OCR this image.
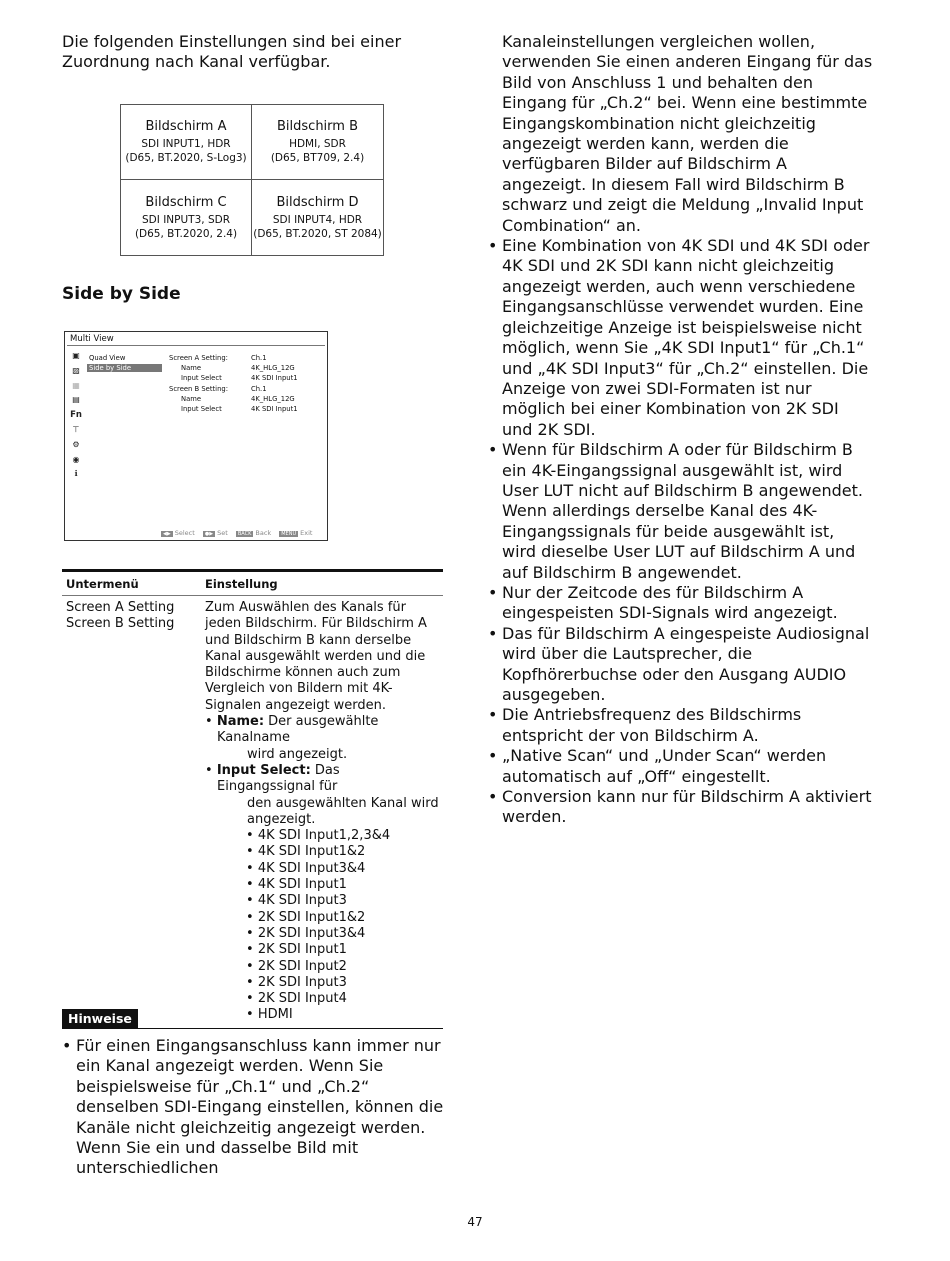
Die folgenden Einstellungen sind bei einer Zuordnung nach Kanal verfügbar.

Bildschirm A
SDI INPUT1, HDR
(D65, BT.2020, S-Log3)
Bildschirm B
HDMI, SDR
(D65, BT709, 2.4)
Bildschirm C
SDI INPUT3, SDR
(D65, BT.2020, 2.4)
Bildschirm D
SDI INPUT4, HDR
(D65, BT.2020, ST 2084)
Side by Side
Multi View
▣
▨
▦
▤
Fn
⊤
⚙
◉
ℹ
Quad View
Side by Side
Screen A Setting:	Ch.1
Name	4K_HLG_12G
Input Select	4K SDI Input1
Screen B Setting:	Ch.1
Name	4K_HLG_12G
Input Select	4K SDI Input1
◀▶ Select ●▶ Set BACK Back MENU Exit
Untermenü	Einstellung
Screen A Setting
Screen B Setting
Zum Auswählen des Kanals für jeden Bildschirm. Für Bildschirm A und Bildschirm B kann derselbe Kanal ausgewählt werden und die Bildschirme können auch zum Vergleich von Bildern mit 4K-Signalen angezeigt werden.
• Name: Der ausgewählte Kanalname
wird angezeigt.
• Input Select: Das Eingangssignal für
den ausgewählten Kanal wird
angezeigt.
• 4K SDI Input1,2,3&4
• 4K SDI Input1&2
• 4K SDI Input3&4
• 4K SDI Input1
• 4K SDI Input3
• 2K SDI Input1&2
• 2K SDI Input3&4
• 2K SDI Input1
• 2K SDI Input2
• 2K SDI Input3
• 2K SDI Input4
• HDMI
Hinweise

• Für einen Eingangsanschluss kann immer nur ein Kanal angezeigt werden. Wenn Sie beispielsweise für „Ch.1“ und „Ch.2“ denselben SDI-Eingang einstellen, können die Kanäle nicht gleichzeitig angezeigt werden. Wenn Sie ein und dasselbe Bild mit unterschiedlichen

Kanaleinstellungen vergleichen wollen, verwenden Sie einen anderen Eingang für das Bild von Anschluss 1 und behalten den Eingang für „Ch.2“ bei. Wenn eine bestimmte Eingangskombination nicht gleichzeitig angezeigt werden kann, werden die verfügbaren Bilder auf Bildschirm A angezeigt. In diesem Fall wird Bildschirm B schwarz und zeigt die Meldung „Invalid Input Combination“ an.

• Eine Kombination von 4K SDI und 4K SDI oder 4K SDI und 2K SDI kann nicht gleichzeitig angezeigt werden, auch wenn verschiedene Eingangsanschlüsse verwendet wurden. Eine gleichzeitige Anzeige ist beispielsweise nicht möglich, wenn Sie „4K SDI Input1“ für „Ch.1“ und „4K SDI Input3“ für „Ch.2“ einstellen. Die Anzeige von zwei SDI-Formaten ist nur möglich bei einer Kombination von 2K SDI und 2K SDI.

• Wenn für Bildschirm A oder für Bildschirm B ein 4K-Eingangssignal ausgewählt ist, wird User LUT nicht auf Bildschirm B angewendet. Wenn allerdings derselbe Kanal des 4K-Eingangssignals für beide ausgewählt ist, wird dieselbe User LUT auf Bildschirm A und auf Bildschirm B angewendet.

• Nur der Zeitcode des für Bildschirm A eingespeisten SDI-Signals wird angezeigt.

• Das für Bildschirm A eingespeiste Audiosignal wird über die Lautsprecher, die Kopfhörerbuchse oder den Ausgang AUDIO ausgegeben.

• Die Antriebsfrequenz des Bildschirms entspricht der von Bildschirm A.

• „Native Scan“ und „Under Scan“ werden automatisch auf „Off“ eingestellt.

• Conversion kann nur für Bildschirm A aktiviert werden.

47
